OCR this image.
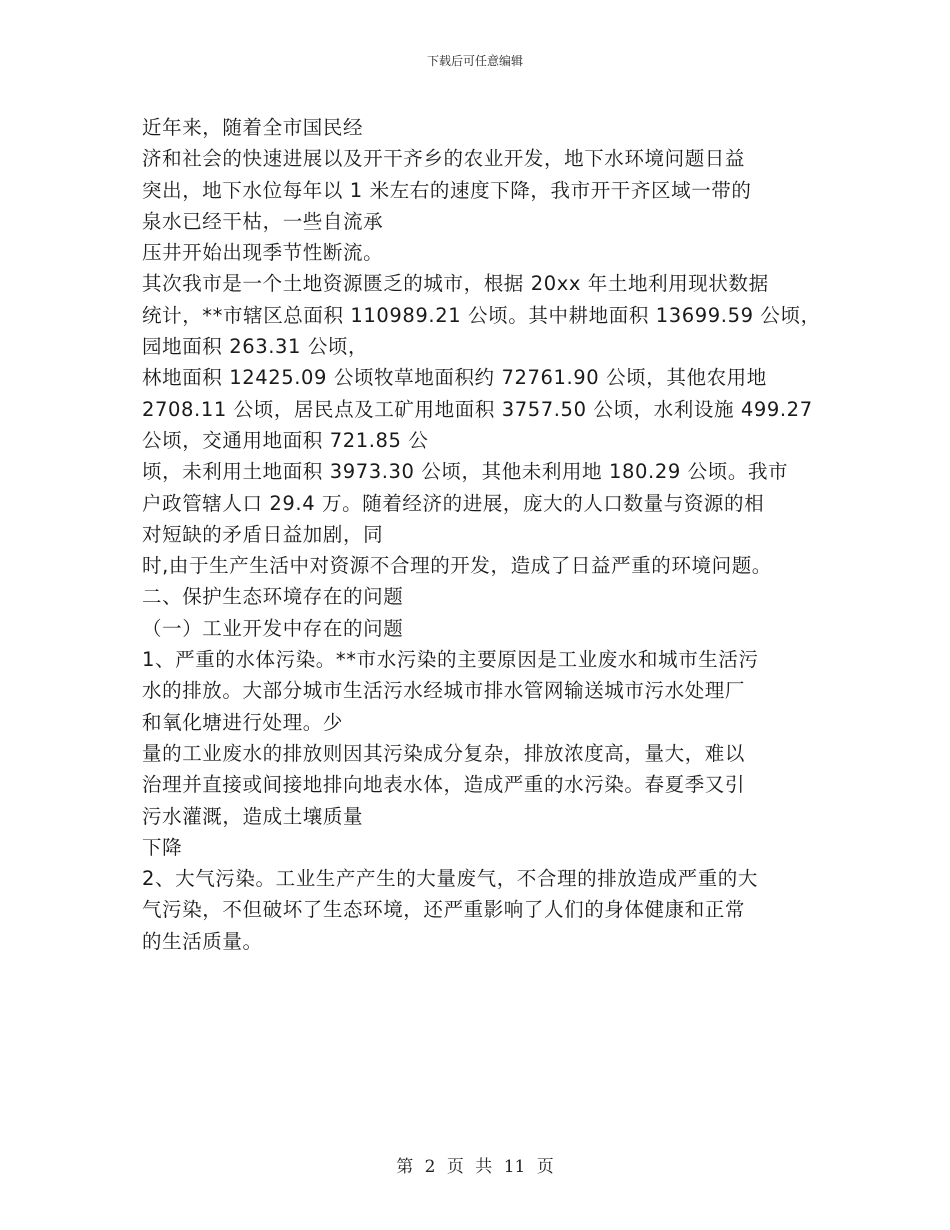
下载后可任意编辑
近年来，随着全市国民经
济和社会的快速进展以及开干齐乡的农业开发，地下水环境问题日益
突出，地下水位每年以 1 米左右的速度下降，我市开干齐区域一带的
泉水已经干枯，一些自流承
压井开始出现季节性断流。
其次我市是一个土地资源匮乏的城市，根据 20xx 年土地利用现状数据
统计，**市辖区总面积 110989.21 公顷。其中耕地面积 13699.59 公顷，
园地面积 263.31 公顷，
林地面积 12425.09 公顷牧草地面积约 72761.90 公顷，其他农用地
2708.11 公顷，居民点及工矿用地面积 3757.50 公顷，水利设施 499.27
公顷，交通用地面积 721.85 公
顷，未利用土地面积 3973.30 公顷，其他未利用地 180.29 公顷。我市
户政管辖人口 29.4 万。随着经济的进展，庞大的人口数量与资源的相
对短缺的矛盾日益加剧，同
时,由于生产生活中对资源不合理的开发，造成了日益严重的环境问题。
二、保护生态环境存在的问题
（一）工业开发中存在的问题
1、严重的水体污染。**市水污染的主要原因是工业废水和城市生活污
水的排放。大部分城市生活污水经城市排水管网输送城市污水处理厂
和氧化塘进行处理。少
量的工业废水的排放则因其污染成分复杂，排放浓度高，量大，难以
治理并直接或间接地排向地表水体，造成严重的水污染。春夏季又引
污水灌溉，造成土壤质量
下降
2、大气污染。工业生产产生的大量废气，不合理的排放造成严重的大
气污染，不但破坏了生态环境，还严重影响了人们的身体健康和正常
的生活质量。
第 2 页 共 11 页
